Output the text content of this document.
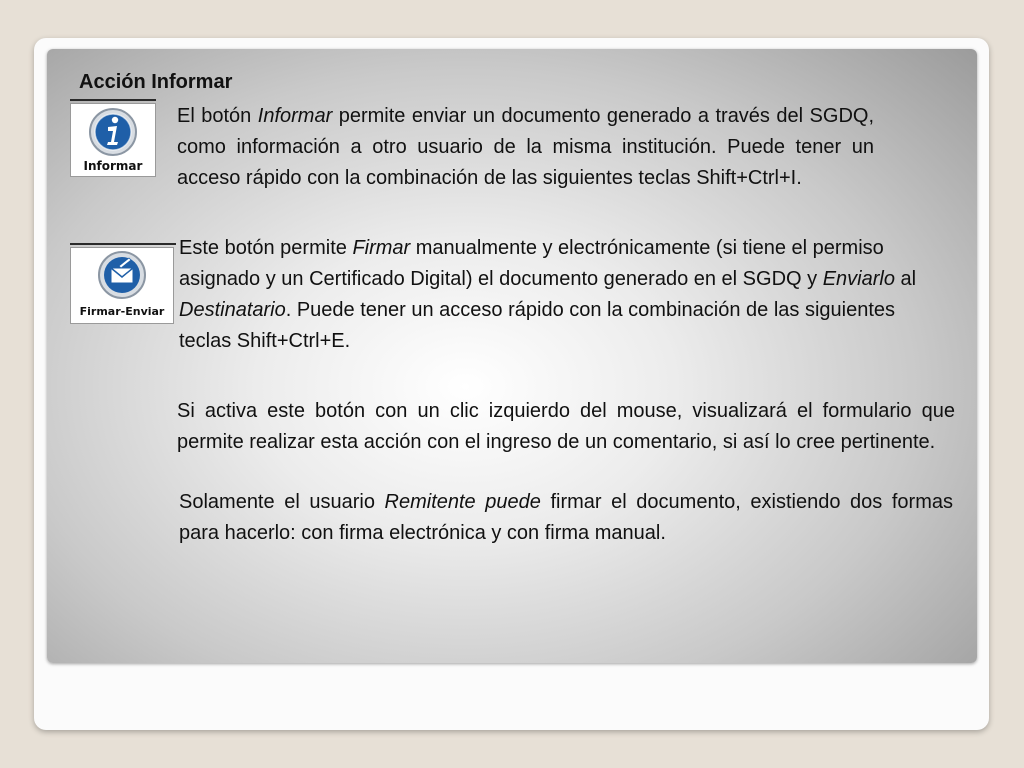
Acción Informar
Informar

El botón Informar permite enviar un documento generado a través del SGDQ, como información a otro usuario de la misma institución. Puede tener un acceso rápido con la combinación de las siguientes teclas Shift+Ctrl+I.

Firmar-Enviar

Este botón permite Firmar manualmente y electrónicamente (si tiene el permiso asignado y un Certificado Digital) el documento generado en el SGDQ y Enviarlo al Destinatario. Puede tener un acceso rápido con la combinación de las siguientes teclas Shift+Ctrl+E.

Si activa este botón con un clic izquierdo del mouse, visualizará el formulario que permite realizar esta acción con el ingreso de un comentario, si así lo cree pertinente.

Solamente el usuario Remitente puede firmar el documento, existiendo dos formas para hacerlo: con firma electrónica y con firma manual.
